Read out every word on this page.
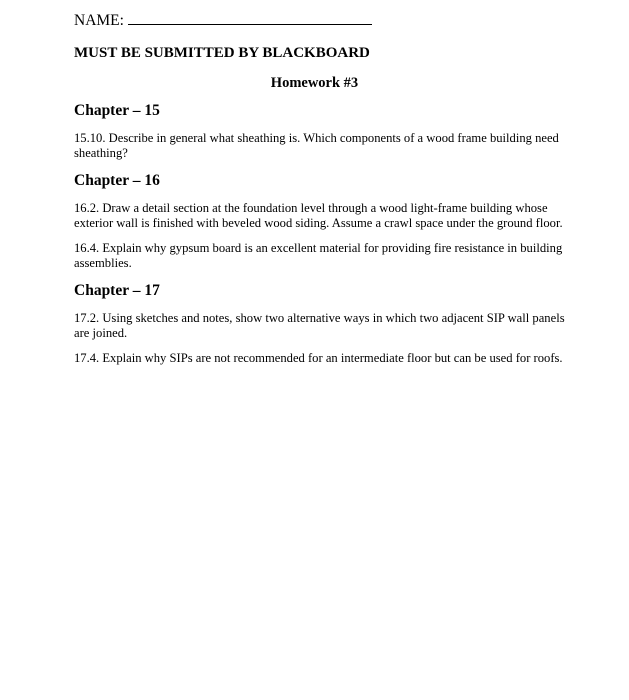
NAME:
MUST BE SUBMITTED BY BLACKBOARD
Homework #3
Chapter – 15
15.10. Describe in general what sheathing is. Which components of a wood frame building need
sheathing?
Chapter – 16
16.2. Draw a detail section at the foundation level through a wood light-frame building whose
exterior wall is finished with beveled wood siding. Assume a crawl space under the ground floor.
16.4. Explain why gypsum board is an excellent material for providing fire resistance in building
assemblies.
Chapter – 17
17.2. Using sketches and notes, show two alternative ways in which two adjacent SIP wall panels
are joined.
17.4. Explain why SIPs are not recommended for an intermediate floor but can be used for roofs.
